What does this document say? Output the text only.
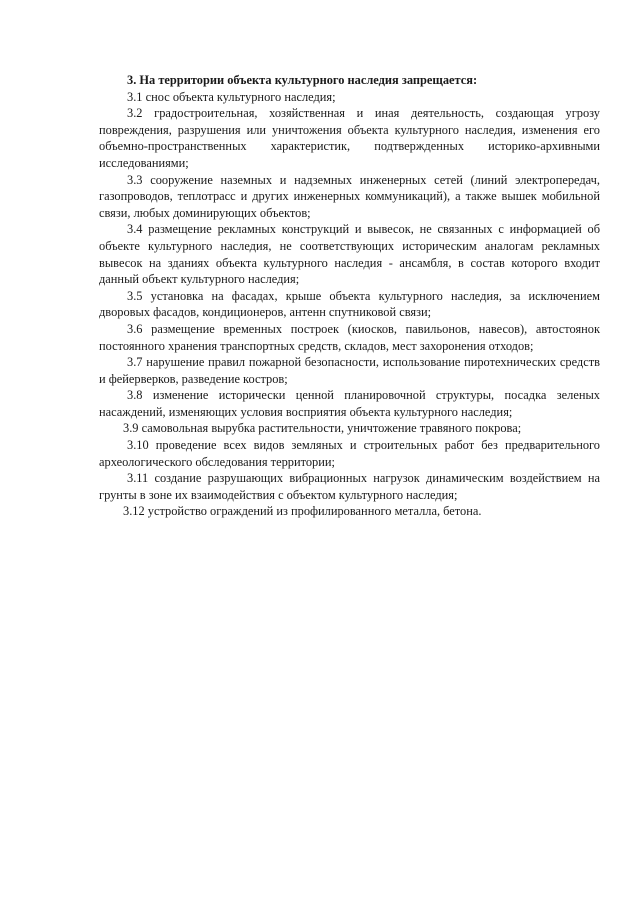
3. На территории объекта культурного наследия запрещается:

3.1 снос объекта культурного наследия;

3.2 градостроительная, хозяйственная и иная деятельность, создающая угрозу повреждения, разрушения или уничтожения объекта культурного наследия, изменения его объемно-пространственных характеристик, подтвержденных историко-архивными исследованиями;

3.3 сооружение наземных и надземных инженерных сетей (линий электропередач, газопроводов, теплотрасс и других инженерных коммуникаций), а также вышек мобильной связи, любых доминирующих объектов;

3.4 размещение рекламных конструкций и вывесок, не связанных с информацией об объекте культурного наследия, не соответствующих историческим аналогам рекламных вывесок на зданиях объекта культурного наследия - ансамбля, в состав которого входит данный объект культурного наследия;

3.5 установка на фасадах, крыше объекта культурного наследия, за исключением дворовых фасадов, кондиционеров, антенн спутниковой связи;

3.6 размещение временных построек (киосков, павильонов, навесов), автостоянок постоянного хранения транспортных средств, складов, мест захоронения отходов;

3.7 нарушение правил пожарной безопасности, использование пиротехнических средств и фейерверков, разведение костров;

3.8 изменение исторически ценной планировочной структуры, посадка зеленых насаждений, изменяющих условия восприятия объекта культурного наследия;

3.9 самовольная вырубка растительности, уничтожение травяного покрова;

3.10 проведение всех видов земляных и строительных работ без предварительного археологического обследования территории;

3.11 создание разрушающих вибрационных нагрузок динамическим воздействием на грунты в зоне их взаимодействия с объектом культурного наследия;

3.12 устройство ограждений из профилированного металла, бетона.
